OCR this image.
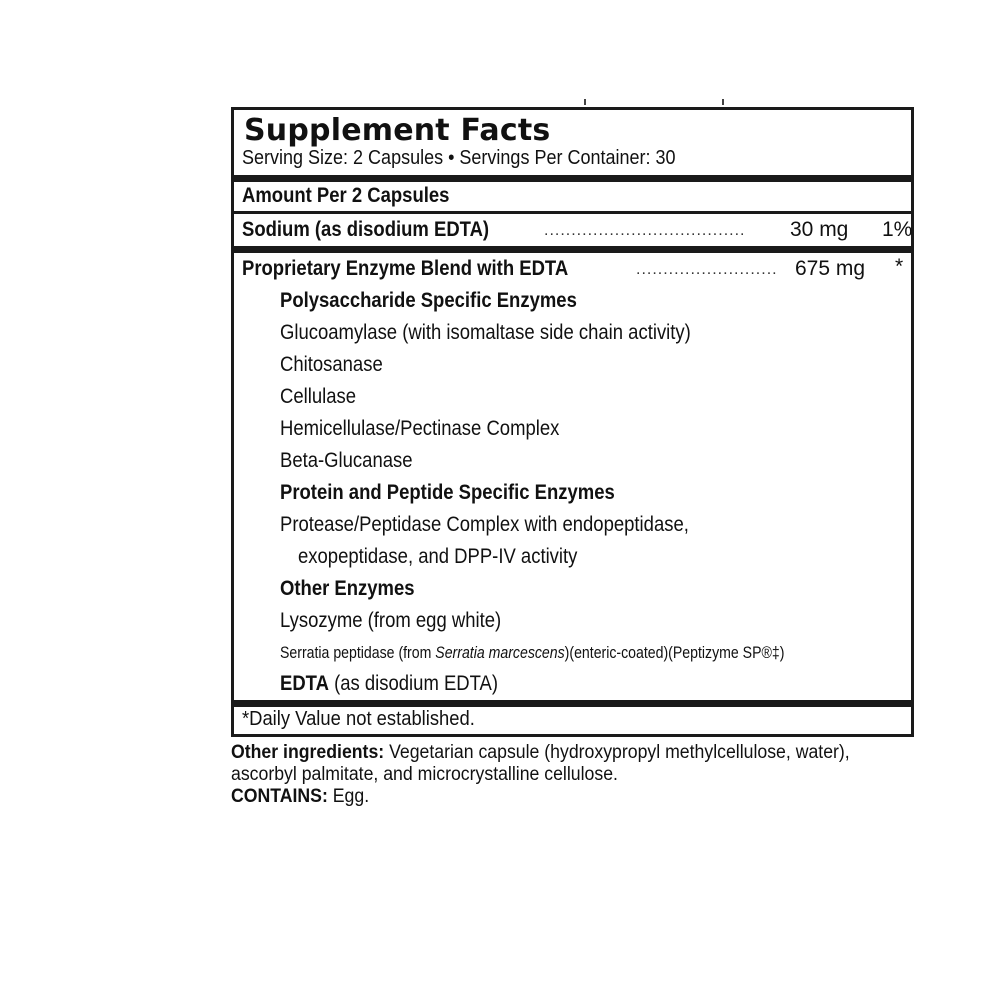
Supplement Facts
Serving Size: 2 Capsules • Servings Per Container: 30
Amount Per 2 Capsules
Sodium (as disodium EDTA)	..................................... 30 mg 1%
Proprietary Enzyme Blend with EDTA	.......................... 675 mg *
Polysaccharide Specific Enzymes
Glucoamylase (with isomaltase side chain activity)
Chitosanase
Cellulase
Hemicellulase/Pectinase Complex
Beta-Glucanase
Protein and Peptide Specific Enzymes
Protease/Peptidase Complex with endopeptidase,
exopeptidase, and DPP-IV activity
Other Enzymes
Lysozyme (from egg white)
Serratia peptidase (from Serratia marcescens)(enteric-coated)(Peptizyme SP®‡)
EDTA (as disodium EDTA)
*Daily Value not established.
Other ingredients: Vegetarian capsule (hydroxypropyl methylcellulose, water), ascorbyl palmitate, and microcrystalline cellulose.
CONTAINS: Egg.
